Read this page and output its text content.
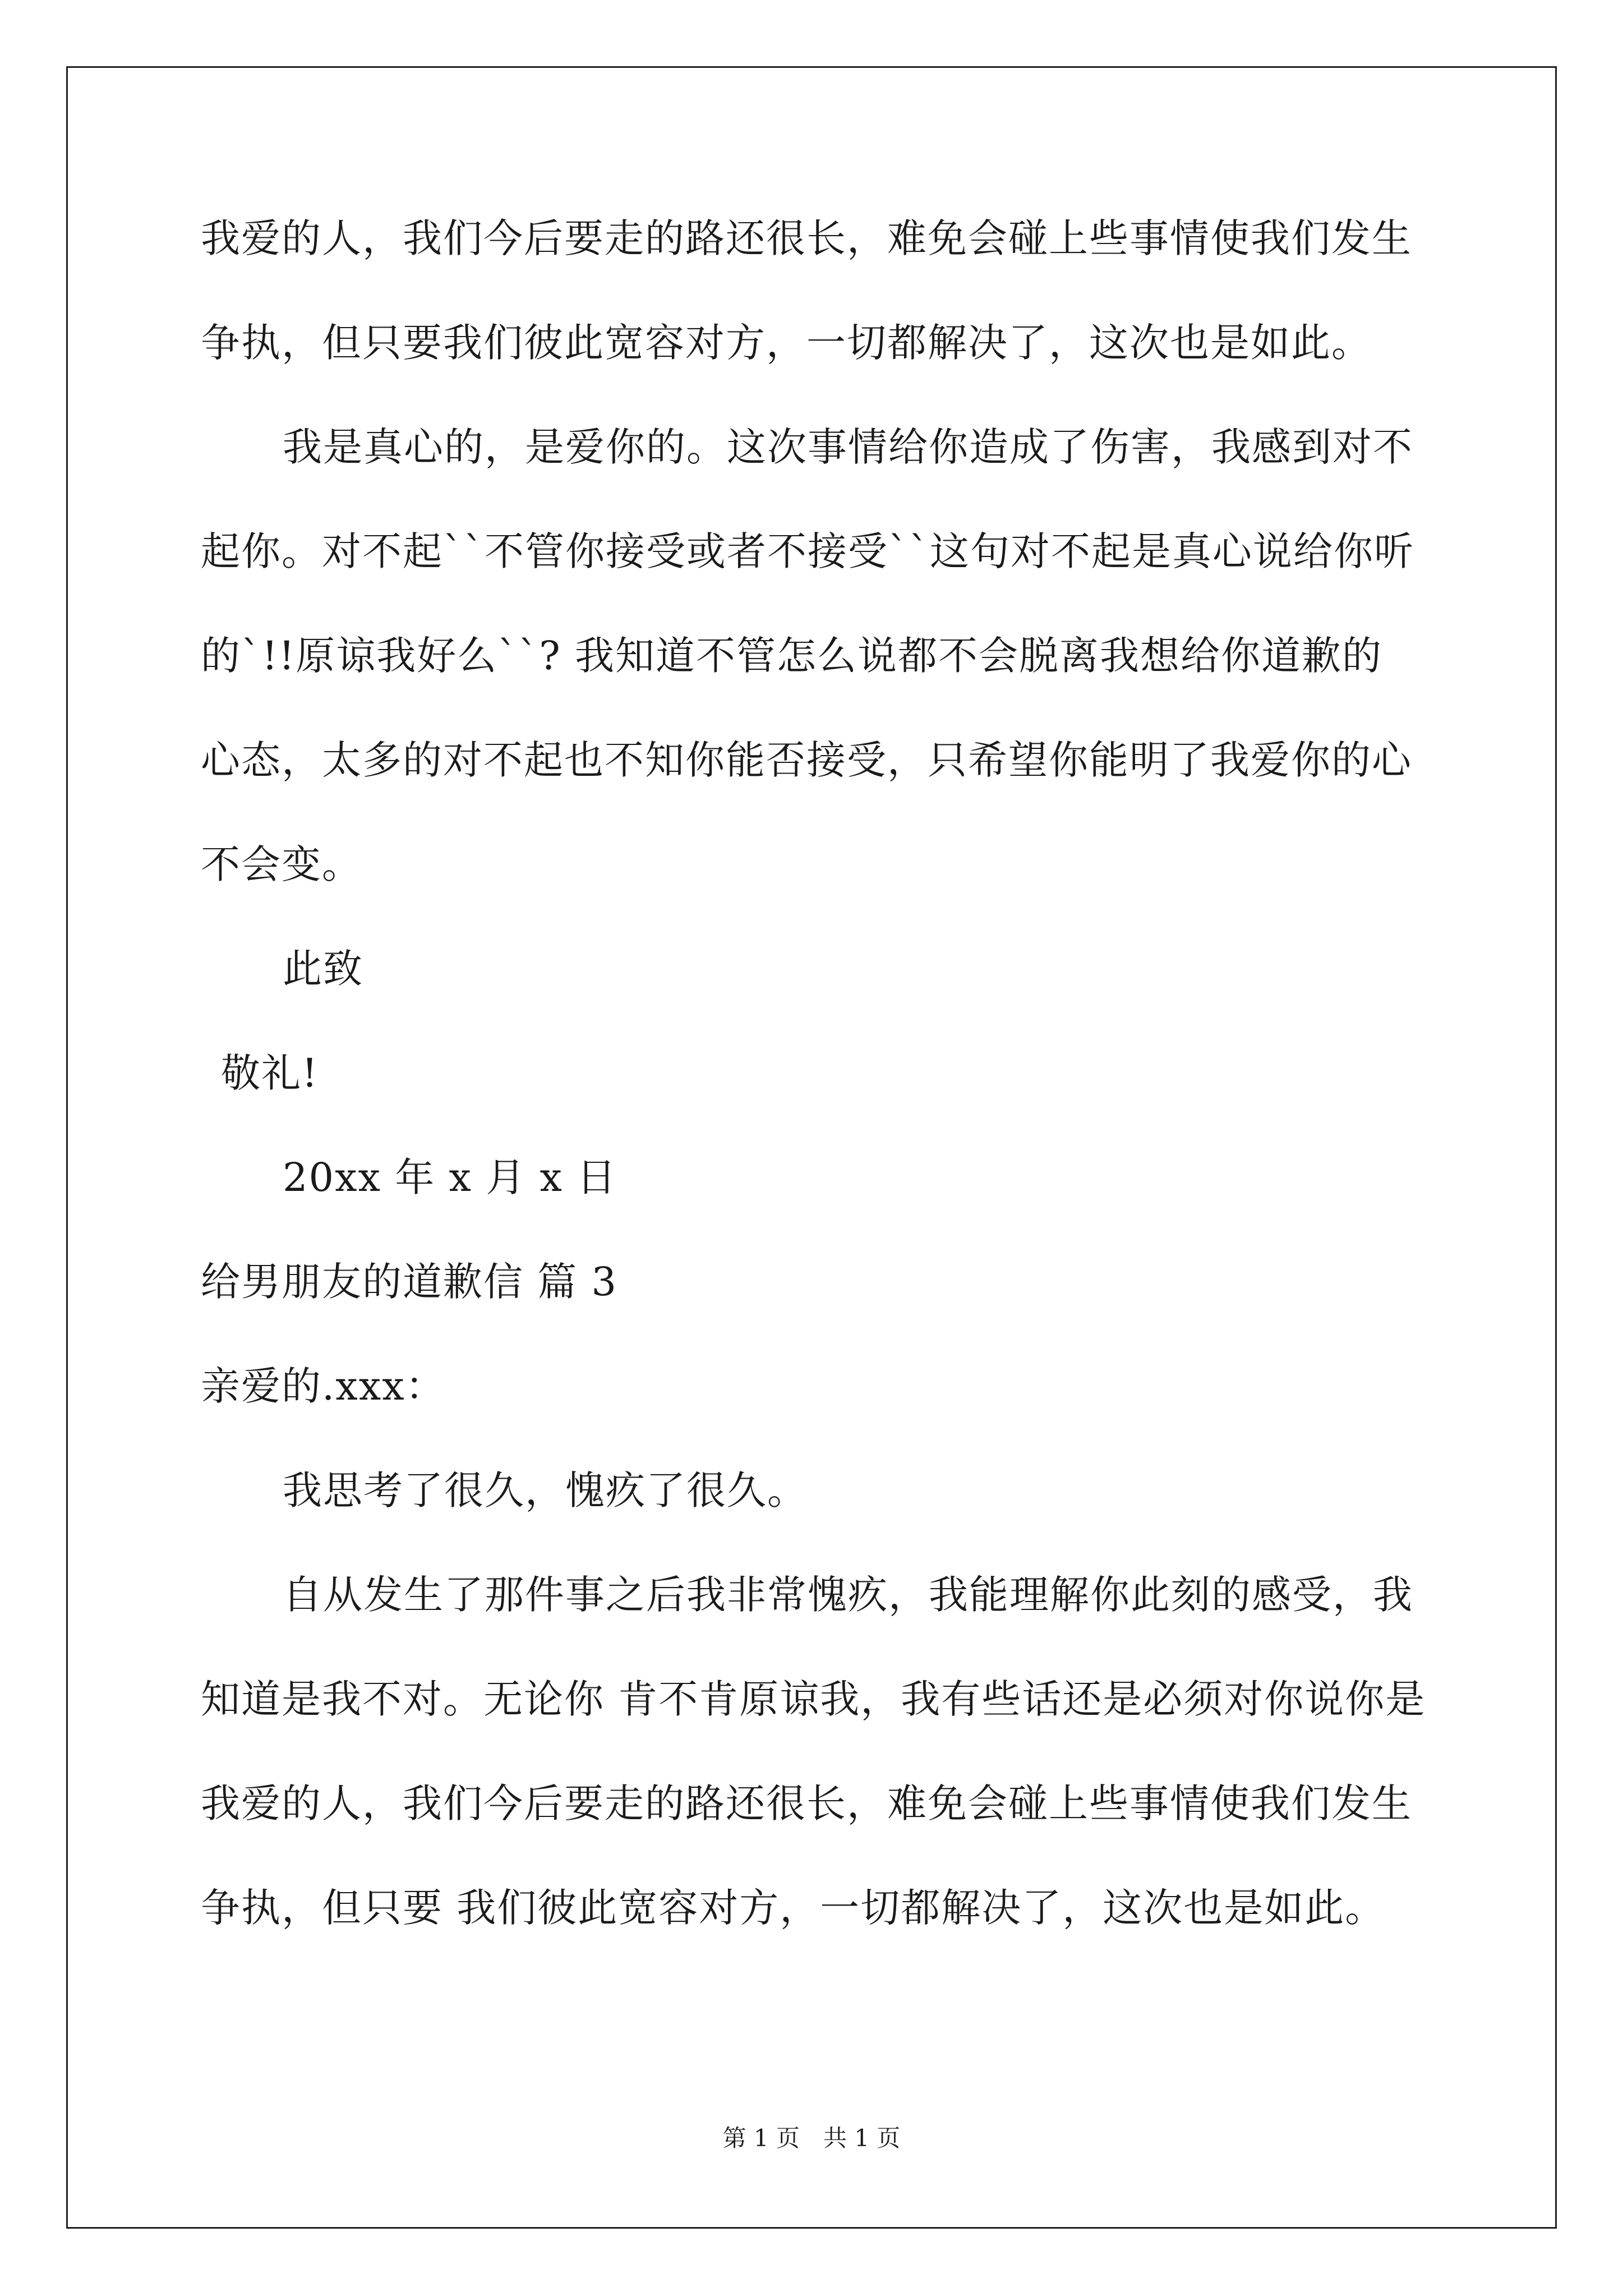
我爱的人，我们今后要走的路还很长，难免会碰上些事情使我们发生
争执，但只要我们彼此宽容对方，一切都解决了，这次也是如此。
我是真心的，是爱你的。这次事情给你造成了伤害，我感到对不
起你。对不起``不管你接受或者不接受``这句对不起是真心说给你听
的`!!原谅我好么``? 我知道不管怎么说都不会脱离我想给你道歉的
心态，太多的对不起也不知你能否接受，只希望你能明了我爱你的心
不会变。
此致
敬礼!
20xx 年 x 月 x 日
给男朋友的道歉信 篇 3
亲爱的.xxx：
我思考了很久，愧疚了很久。
自从发生了那件事之后我非常愧疚，我能理解你此刻的感受，我
知道是我不对。无论你 肯不肯原谅我，我有些话还是必须对你说你是
我爱的人，我们今后要走的路还很长，难免会碰上些事情使我们发生
争执，但只要 我们彼此宽容对方，一切都解决了，这次也是如此。
第 1 页　共 1 页
